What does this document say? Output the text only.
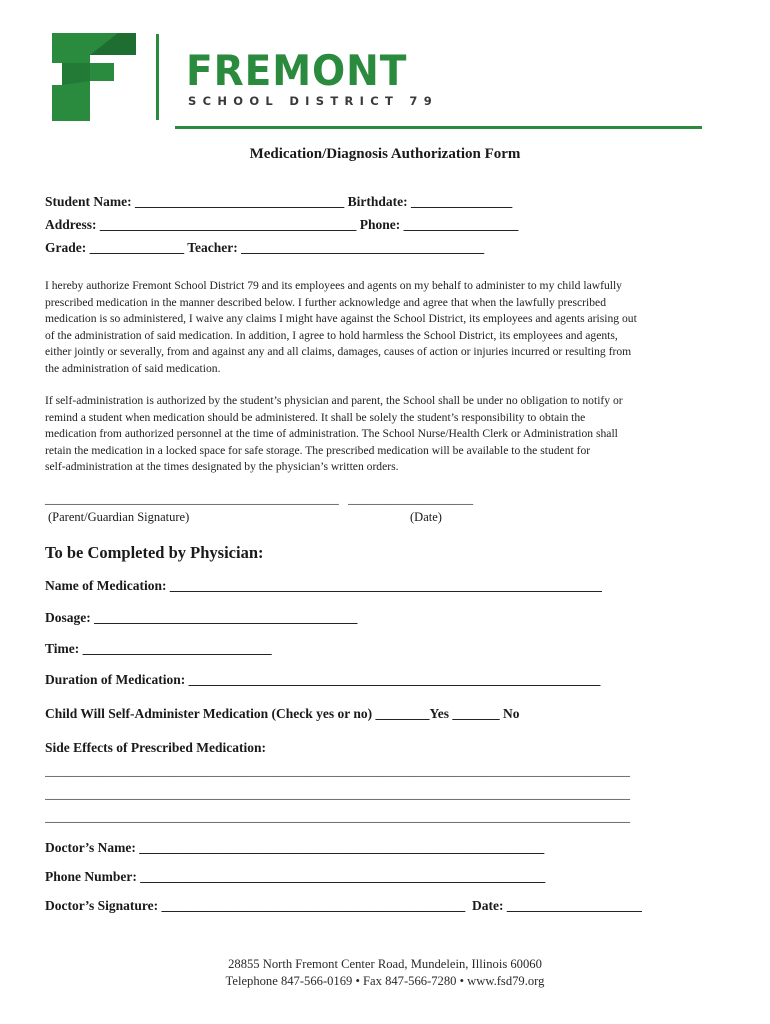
FREMONT
SCHOOL DISTRICT 79
Medication/Diagnosis Authorization Form
Student Name: _______________________________ Birthdate: _______________
Address: ______________________________________ Phone: _________________
Grade: ______________ Teacher: ____________________________________
I hereby authorize Fremont School District 79 and its employees and agents on my behalf to administer to my child lawfully
prescribed medication in the manner described below. I further acknowledge and agree that when the lawfully prescribed
medication is so administered, I waive any claims I might have against the School District, its employees and agents arising out
of the administration of said medication. In addition, I agree to hold harmless the School District, its employees and agents,
either jointly or severally, from and against any and all claims, damages, causes of action or injuries incurred or resulting from
the administration of said medication.
If self-administration is authorized by the student’s physician and parent, the School shall be under no obligation to notify or
remind a student when medication should be administered. It shall be solely the student’s responsibility to obtain the
medication from authorized personnel at the time of administration. The School Nurse/Health Clerk or Administration shall
retain the medication in a locked space for safe storage. The prescribed medication will be available to the student for
self-administration at the times designated by the physician’s written orders.
_______________________________________________   ____________________
(Parent/Guardian Signature)	(Date)
To be Completed by Physician:
Name of Medication: ________________________________________________________________
Dosage: _______________________________________
Time: ____________________________
Duration of Medication: _____________________________________________________________
Child Will Self-Administer Medication (Check yes or no) ________Yes _______ No
Side Effects of Prescribed Medication:
__________________________________________________________________________________________
__________________________________________________________________________________________
__________________________________________________________________________________________
Doctor’s Name: ____________________________________________________________
Phone Number: ____________________________________________________________
Doctor’s Signature: _____________________________________________  Date: ____________________
28855 North Fremont Center Road, Mundelein, Illinois 60060
Telephone 847-566-0169 • Fax 847-566-7280 • www.fsd79.org
